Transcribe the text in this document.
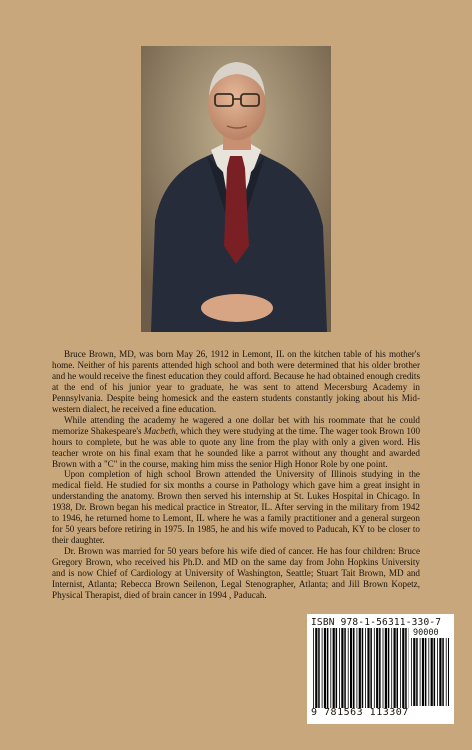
Bruce Brown, MD, was born May 26, 1912 in Lemont, IL on the kitchen table of his mother's home. Neither of his parents attended high school and both were determined that his older brother and he would receive the finest education they could afford. Because he had obtained enough credits at the end of his junior year to graduate, he was sent to attend Mecersburg Academy in Pennsylvania. Despite being homesick and the eastern students constantly joking about his Mid-western dialect, he received a fine education.

While attending the academy he wagered a one dollar bet with his roommate that he could memorize Shakespeare's Macbeth, which they were studying at the time. The wager took Brown 100 hours to complete, but he was able to quote any line from the play with only a given word. His teacher wrote on his final exam that he sounded like a parrot without any thought and awarded Brown with a "C" in the course, making him miss the senior High Honor Role by one point.

Upon completion of high school Brown attended the University of Illinois studying in the medical field. He studied for six months a course in Pathology which gave him a great insight in understanding the anatomy. Brown then served his internship at St. Lukes Hospital in Chicago. In 1938, Dr. Brown began his medical practice in Streator, IL. After serving in the military from 1942 to 1946, he returned home to Lemont, IL where he was a family practitioner and a general surgeon for 50 years before retiring in 1975. In 1985, he and his wife moved to Paducah, KY to be closer to their daughter.

Dr. Brown was married for 50 years before his wife died of cancer. He has four children: Bruce Gregory Brown, who received his Ph.D. and MD on the same day from John Hopkins University and is now Chief of Cardiology at University of Washington, Seattle; Stuart Tait Brown, MD and Internist, Atlanta; Rebecca Brown Seilenon, Legal Stenographer, Atlanta; and Jill Brown Kopetz, Physical Therapist, died of brain cancer in 1994 , Paducah.

ISBN 978-1-56311-330-7
90000
9 781563 113307
